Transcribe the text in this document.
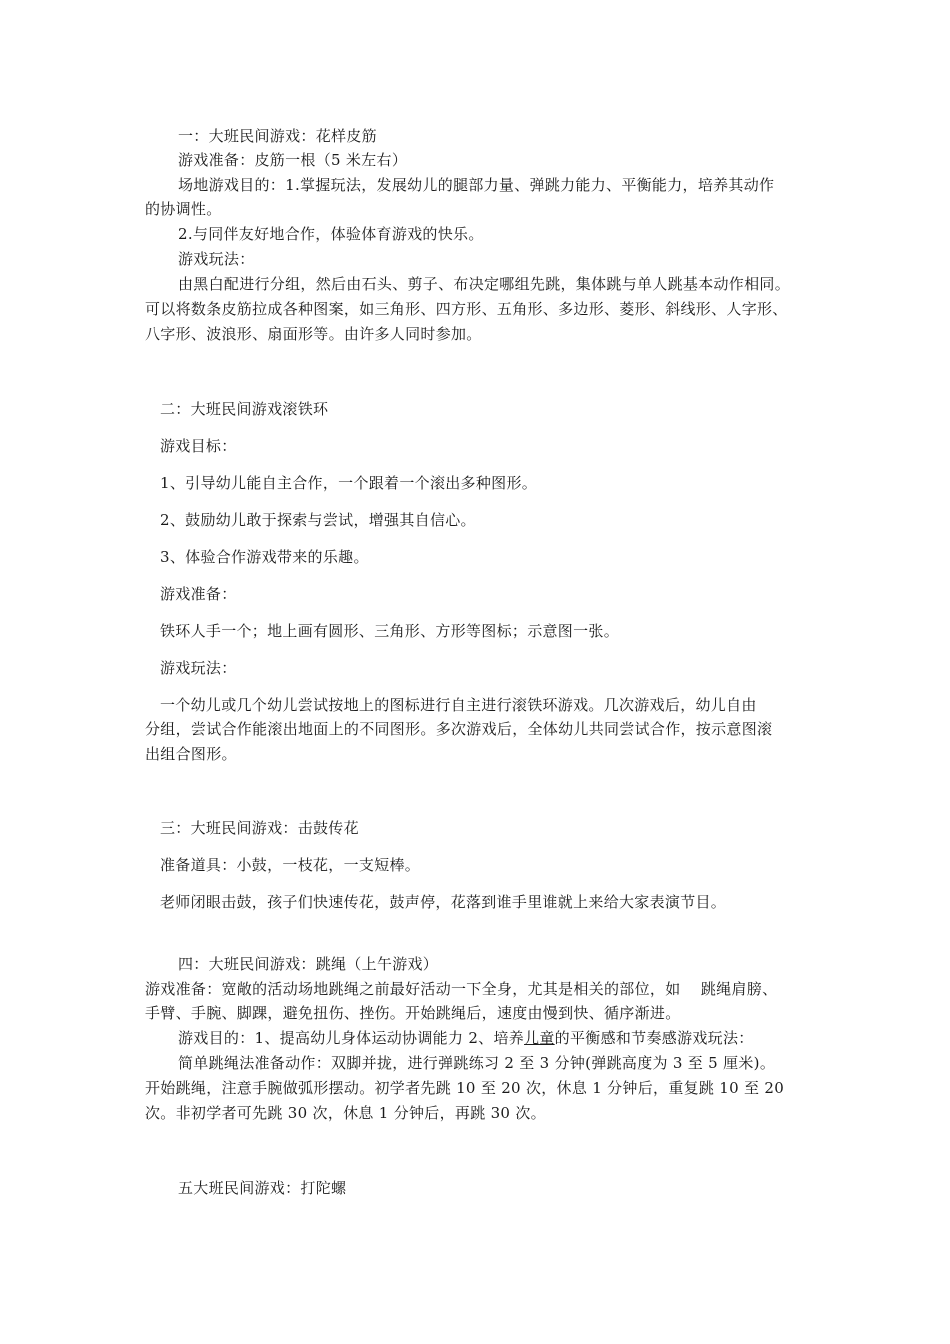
一：大班民间游戏：花样皮筋
游戏准备：皮筋一根（5 米左右）
场地游戏目的：1.掌握玩法，发展幼儿的腿部力量、弹跳力能力、平衡能力，培养其动作
的协调性。
2.与同伴友好地合作，体验体育游戏的快乐。
游戏玩法：
由黑白配进行分组，然后由石头、剪子、布决定哪组先跳，集体跳与单人跳基本动作相同。
可以将数条皮筋拉成各种图案，如三角形、四方形、五角形、多边形、菱形、斜线形、人字形、
八字形、波浪形、扇面形等。由许多人同时参加。
二：大班民间游戏滚铁环
游戏目标：
1、引导幼儿能自主合作，一个跟着一个滚出多种图形。
2、鼓励幼儿敢于探索与尝试，增强其自信心。
3、体验合作游戏带来的乐趣。
游戏准备：
铁环人手一个；地上画有圆形、三角形、方形等图标；示意图一张。
游戏玩法：
一个幼儿或几个幼儿尝试按地上的图标进行自主进行滚铁环游戏。几次游戏后，幼儿自由
分组，尝试合作能滚出地面上的不同图形。多次游戏后，全体幼儿共同尝试合作，按示意图滚
出组合图形。
三：大班民间游戏：击鼓传花
准备道具：小鼓，一枝花，一支短棒。
老师闭眼击鼓，孩子们快速传花，鼓声停，花落到谁手里谁就上来给大家表演节目。
四：大班民间游戏：跳绳（上午游戏）
游戏准备：宽敞的活动场地跳绳之前最好活动一下全身，尤其是相关的部位，如　 跳绳肩膀、
手臂、手腕、脚踝，避免扭伤、挫伤。开始跳绳后，速度由慢到快、循序渐进。
游戏目的：1、提高幼儿身体运动协调能力 2、培养儿童的平衡感和节奏感游戏玩法：
简单跳绳法准备动作：双脚并拢，进行弹跳练习 2 至 3 分钟(弹跳高度为 3 至 5 厘米)。
开始跳绳，注意手腕做弧形摆动。初学者先跳 10 至 20 次，休息 1 分钟后，重复跳 10 至 20
次。非初学者可先跳 30 次，休息 1 分钟后，再跳 30 次。
五大班民间游戏：打陀螺
